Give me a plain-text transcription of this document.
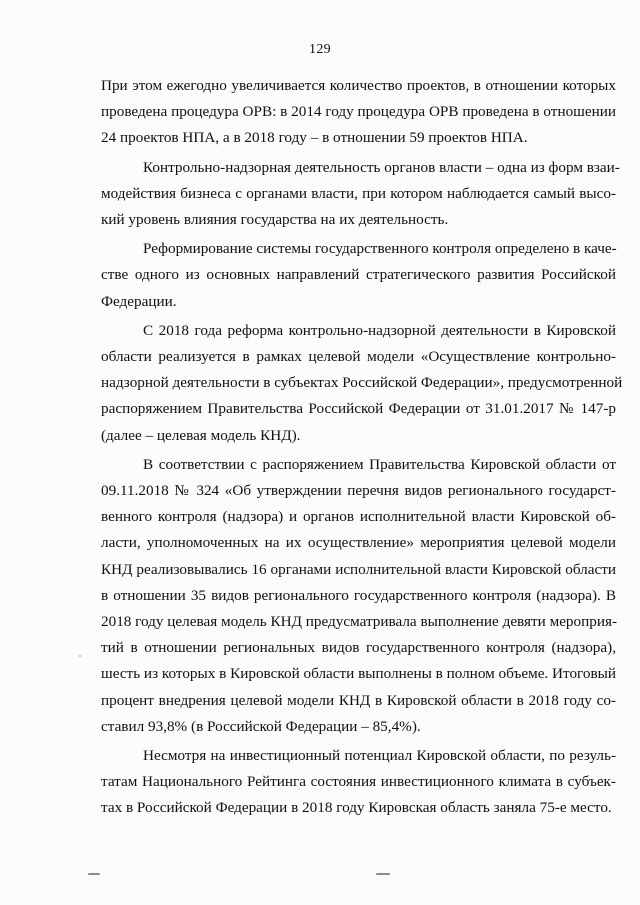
129

При этом ежегодно увеличивается количество проектов, в отношении которых
проведена процедура ОРВ: в 2014 году процедура ОРВ проведена в отношении
24 проектов НПА, а в 2018 году – в отношении 59 проектов НПА.

Контрольно-надзорная деятельность органов власти – одна из форм взаи-
модействия бизнеса с органами власти, при котором наблюдается самый высо-
кий уровень влияния государства на их деятельность.

Реформирование системы государственного контроля определено в каче-
стве одного из основных направлений стратегического развития Российской
Федерации.

С 2018 года реформа контрольно-надзорной деятельности в Кировской
области реализуется в рамках целевой модели «Осуществление контрольно-
надзорной деятельности в субъектах Российской Федерации», предусмотренной
распоряжением Правительства Российской Федерации от 31.01.2017 № 147-р
(далее – целевая модель КНД).

В соответствии с распоряжением Правительства Кировской области от
09.11.2018 № 324 «Об утверждении перечня видов регионального государст-
венного контроля (надзора) и органов исполнительной власти Кировской об-
ласти, уполномоченных на их осуществление» мероприятия целевой модели
КНД реализовывались 16 органами исполнительной власти Кировской области
в отношении 35 видов регионального государственного контроля (надзора). В
2018 году целевая модель КНД предусматривала выполнение девяти мероприя-
тий в отношении региональных видов государственного контроля (надзора),
шесть из которых в Кировской области выполнены в полном объеме. Итоговый
процент внедрения целевой модели КНД в Кировской области в 2018 году со-
ставил 93,8% (в Российской Федерации – 85,4%).

Несмотря на инвестиционный потенциал Кировской области, по резуль-
татам Национального Рейтинга состояния инвестиционного климата в субъек-
тах в Российской Федерации в 2018 году Кировская область заняла 75-е место.
